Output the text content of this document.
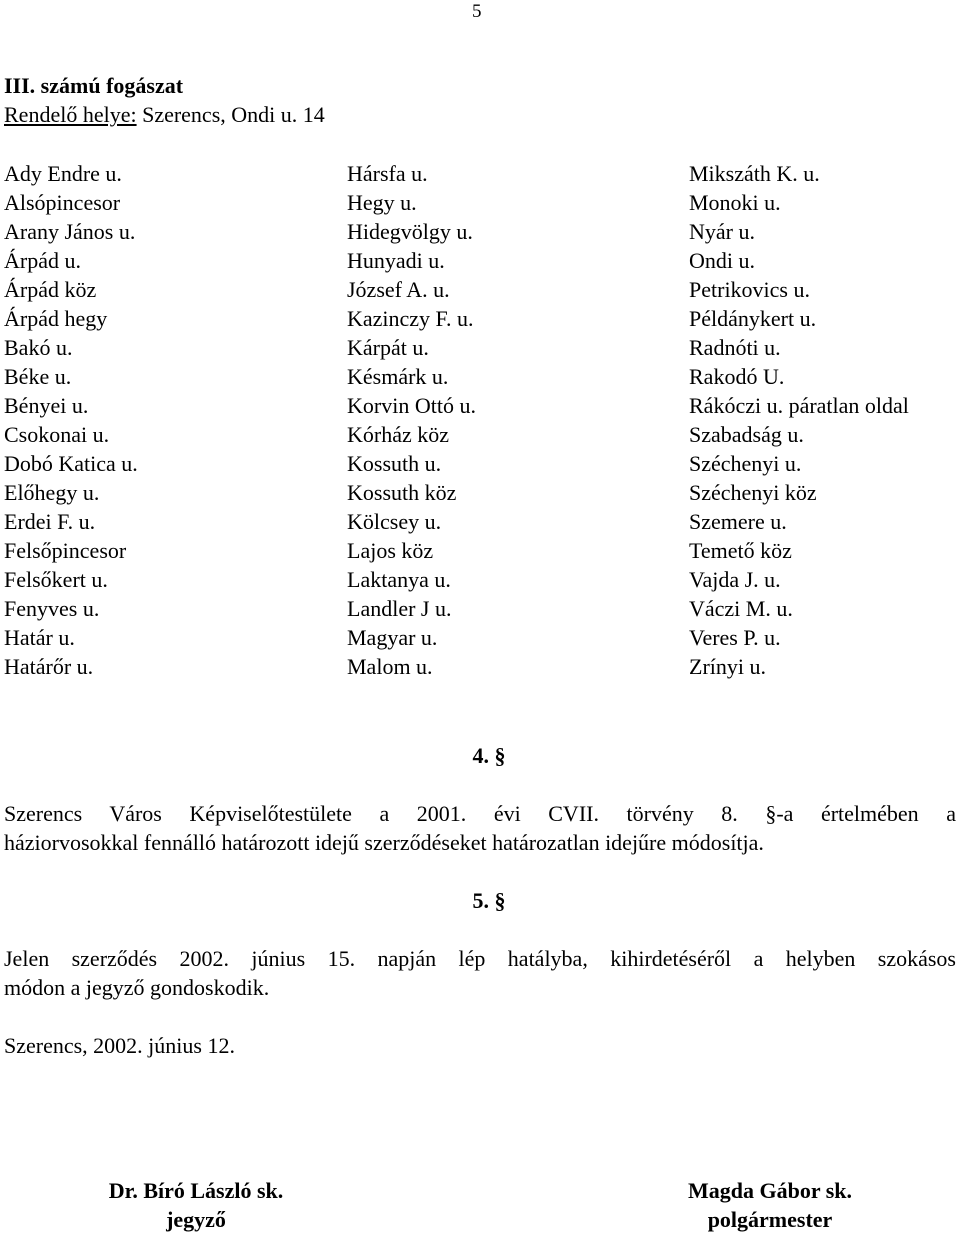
5

III. számú fogászat

Rendelő helye: Szerencs, Ondi u. 14
Ady Endre u.
Alsópincesor
Arany János u.
Árpád u.
Árpád köz
Árpád hegy
Bakó u.
Béke u.
Bényei u.
Csokonai u.
Dobó Katica u.
Előhegy u.
Erdei F. u.
Felsőpincesor
Felsőkert u.
Fenyves u.
Határ u.
Határőr u.
Hársfa u.
Hegy u.
Hidegvölgy u.
Hunyadi u.
József A. u.
Kazinczy F. u.
Kárpát u.
Késmárk u.
Korvin Ottó u.
Kórház köz
Kossuth u.
Kossuth köz
Kölcsey u.
Lajos köz
Laktanya u.
Landler J u.
Magyar u.
Malom u.
Mikszáth K. u.
Monoki u.
Nyár u.
Ondi u.
Petrikovics u.
Példánykert u.
Radnóti u.
Rakodó U.
Rákóczi u. páratlan oldal
Szabadság u.
Széchenyi u.
Széchenyi köz
Szemere u.
Temető köz
Vajda J. u.
Váczi M. u.
Veres P. u.
Zrínyi u.
4. §

Szerencs Város Képviselőtestülete a 2001. évi CVII. törvény 8. §-a értelmében a
háziorvosokkal fennálló határozott idejű szerződéseket határozatlan idejűre módosítja.

5. §

Jelen szerződés 2002. június 15. napján lép hatályba, kihirdetéséről a helyben szokásos
módon a jegyző gondoskodik.

Szerencs, 2002. június 12.
Dr. Bíró László sk.
jegyző
Magda Gábor sk.
polgármester
